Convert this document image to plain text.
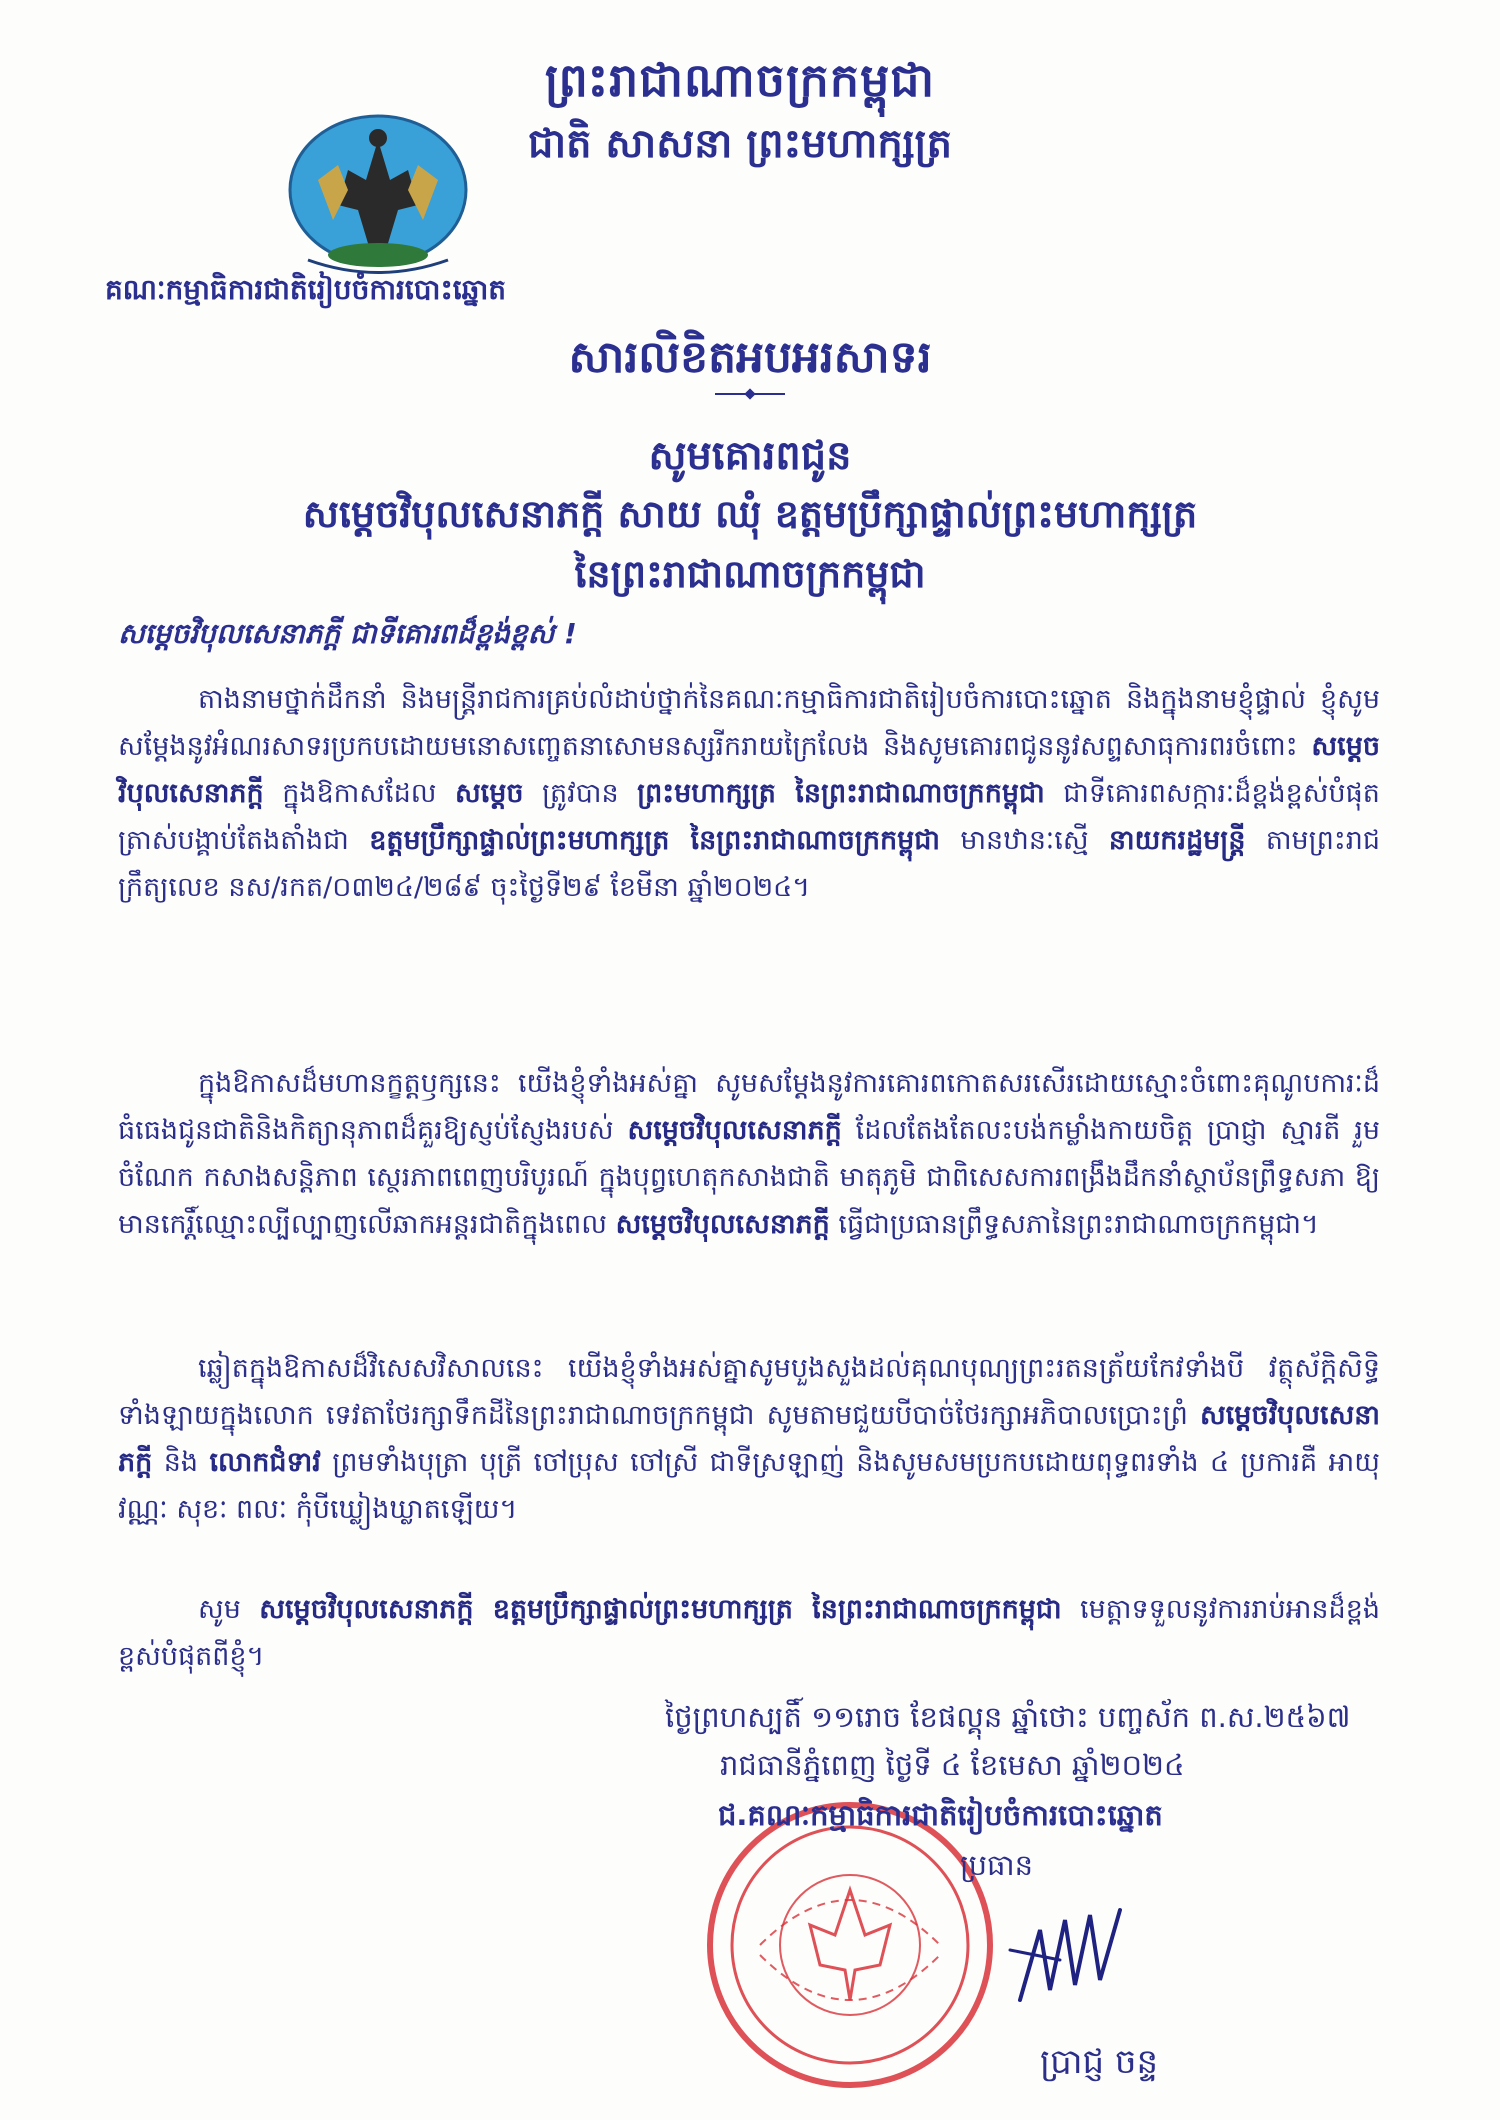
ព្រះរាជាណាចក្រកម្ពុជា
ជាតិ សាសនា ព្រះមហាក្សត្រ
គណៈកម្មាធិការជាតិរៀបចំការបោះឆ្នោត
សារលិខិតអបអរសាទរ
សូមគោរពជូន
សម្តេចវិបុលសេនាភក្តី សាយ ឈុំ ឧត្តមប្រឹក្សាផ្ទាល់ព្រះមហាក្សត្រ
នៃព្រះរាជាណាចក្រកម្ពុជា
សម្តេចវិបុលសេនាភក្តី ជាទីគោរពដ៏ខ្ពង់ខ្ពស់ !
តាងនាមថ្នាក់ដឹកនាំ និងមន្ត្រីរាជការគ្រប់លំដាប់ថ្នាក់នៃគណៈកម្មាធិការជាតិរៀបចំការបោះឆ្នោត និងក្នុងនាមខ្ញុំផ្ទាល់ ខ្ញុំសូមសម្តែងនូវអំណរសាទរប្រកបដោយមនោសញ្ចេតនាសោមនស្សរីករាយក្រៃលែង និងសូមគោរពជូននូវសព្ទសាធុការពរចំពោះ សម្តេចវិបុលសេនាភក្តី ក្នុងឱកាសដែល សម្តេច ត្រូវបាន ព្រះមហាក្សត្រ នៃព្រះរាជាណាចក្រកម្ពុជា ជាទីគោរពសក្ការៈដ៏ខ្ពង់ខ្ពស់បំផុត ត្រាស់បង្គាប់តែងតាំងជា ឧត្តមប្រឹក្សាផ្ទាល់ព្រះមហាក្សត្រ នៃព្រះរាជាណាចក្រកម្ពុជា មានឋានៈស្មើ នាយករដ្ឋមន្ត្រី តាមព្រះរាជក្រឹត្យលេខ នស/រកត/០៣២៤/២៨៩ ចុះថ្ងៃទី២៩ ខែមីនា ឆ្នាំ២០២៤។
ក្នុងឱកាសដ៏មហានក្ខត្តឫក្សនេះ យើងខ្ញុំទាំងអស់គ្នា សូមសម្តែងនូវការគោរពកោតសរសើរដោយស្មោះចំពោះគុណូបការៈដ៏ធំធេងជូនជាតិនិងកិត្យានុភាពដ៏គួរឱ្យស្ញប់ស្ញែងរបស់ សម្តេចវិបុលសេនាភក្តី ដែលតែងតែលះបង់កម្លាំងកាយចិត្ត ប្រាជ្ញា ស្មារតី រួមចំណែក កសាងសន្តិភាព ស្ថេរភាពពេញបរិបូរណ៍ ក្នុងបុព្វហេតុកសាងជាតិ មាតុភូមិ ជាពិសេសការពង្រឹងដឹកនាំស្ថាប័នព្រឹទ្ធសភា ឱ្យមានកេរ្តិ៍ឈ្មោះល្បីល្បាញលើឆាកអន្តរជាតិក្នុងពេល សម្តេចវិបុលសេនាភក្តី ធ្វើជាប្រធានព្រឹទ្ធសភានៃព្រះរាជាណាចក្រកម្ពុជា។
ឆ្លៀតក្នុងឱកាសដ៏វិសេសវិសាលនេះ យើងខ្ញុំទាំងអស់គ្នាសូមបួងសួងដល់គុណបុណ្យព្រះរតនត្រ័យកែវទាំងបី វត្ថុស័ក្តិសិទ្ធិទាំងឡាយក្នុងលោក ទេវតាថែរក្សាទឹកដីនៃព្រះរាជាណាចក្រកម្ពុជា សូមតាមជួយបីបាច់ថែរក្សាអភិបាលប្រោះព្រំ សម្តេចវិបុលសេនាភក្តី និង លោកជំទាវ ព្រមទាំងបុត្រា បុត្រី ចៅប្រុស ចៅស្រី ជាទីស្រឡាញ់ និងសូមសមប្រកបដោយពុទ្ធពរទាំង ៤ ប្រការគឺ អាយុ វណ្ណៈ សុខៈ ពលៈ កុំបីឃ្លៀងឃ្លាតឡើយ។
សូម សម្តេចវិបុលសេនាភក្តី ឧត្តមប្រឹក្សាផ្ទាល់ព្រះមហាក្សត្រ នៃព្រះរាជាណាចក្រកម្ពុជា មេត្តាទទួលនូវការរាប់អានដ៏ខ្ពង់ខ្ពស់បំផុតពីខ្ញុំ។
ថ្ងៃព្រហស្បតិ៍ ១១រោច ខែផល្គុន ឆ្នាំថោះ បញ្ចស័ក ព.ស.២៥៦៧
រាជធានីភ្នំពេញ ថ្ងៃទី ៤ ខែមេសា ឆ្នាំ២០២៤
ជ.គណៈកម្មាធិការជាតិរៀបចំការបោះឆ្នោត
ប្រធាន
ប្រាជ្ញ ចន្ទ
